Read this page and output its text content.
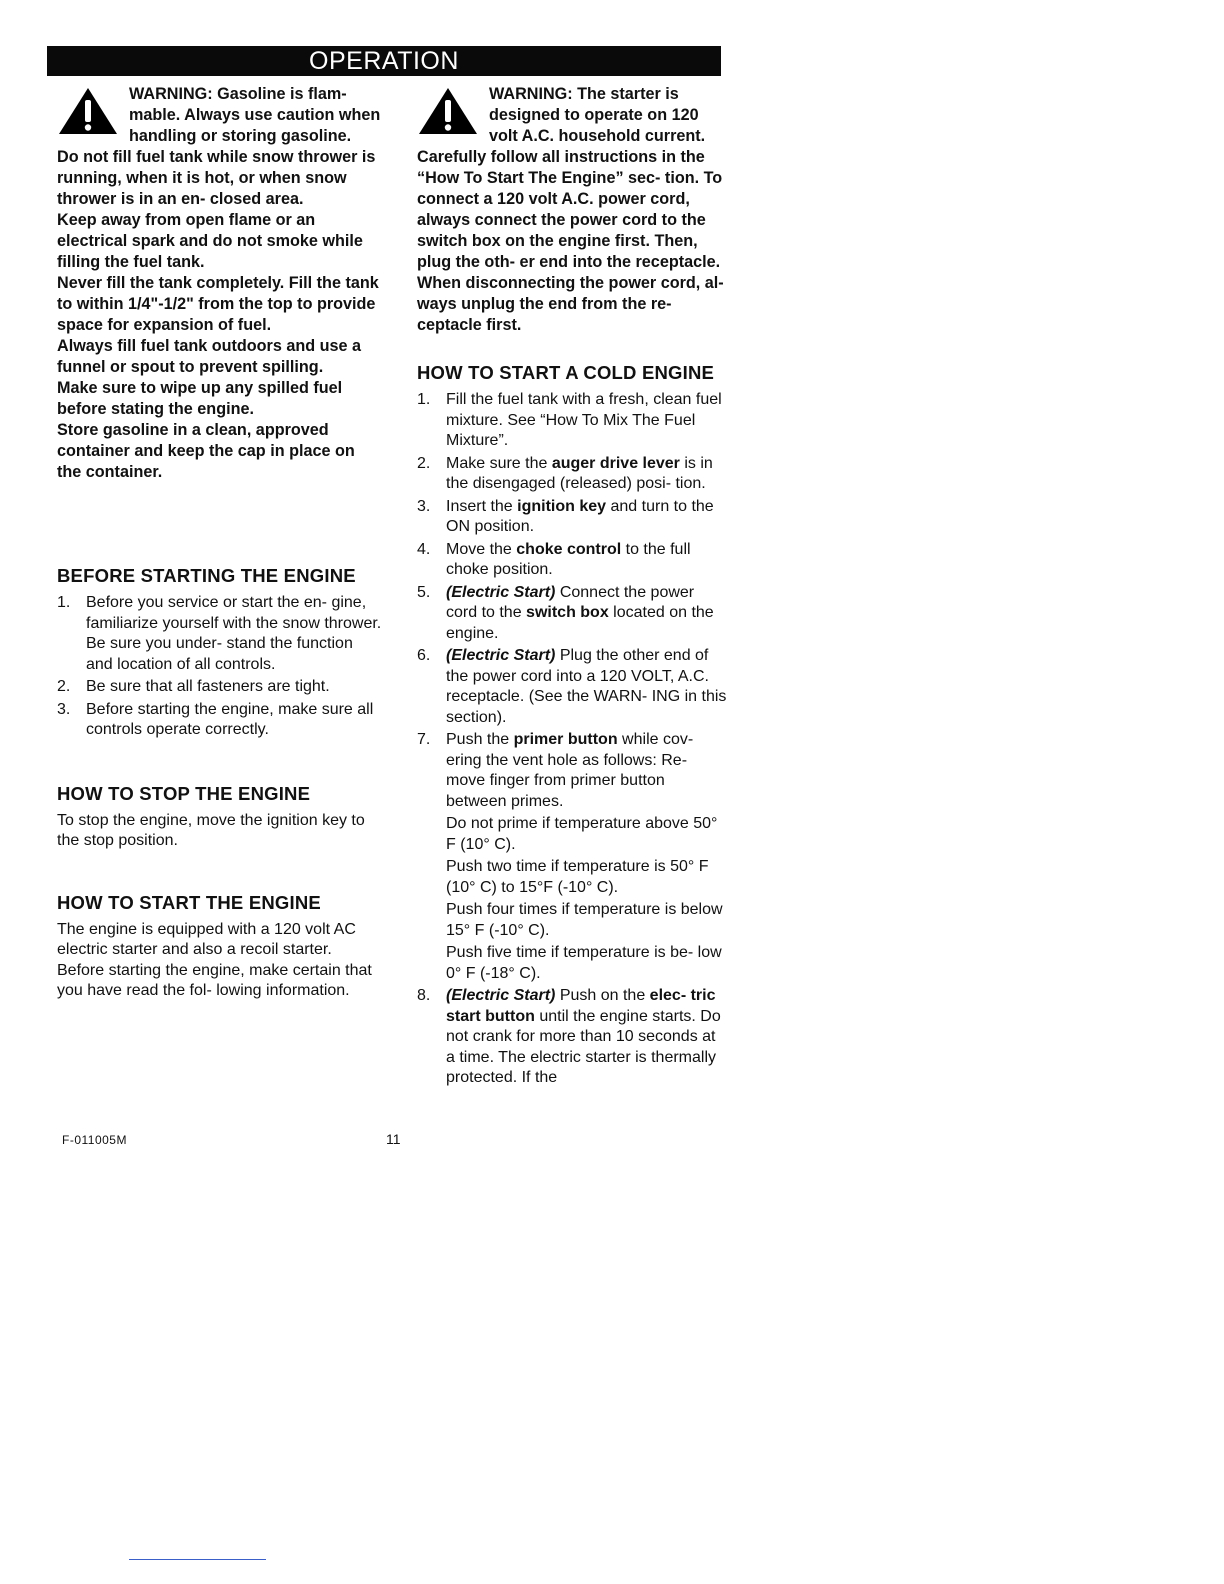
OPERATION

WARNING: Gasoline is flam- mable. Always use caution when handling or storing gasoline.

Do not fill fuel tank while snow thrower is running, when it is hot, or when snow thrower is in an en- closed area.

Keep away from open flame or an electrical spark and do not smoke while filling the fuel tank.

Never fill the tank completely. Fill the tank to within 1/4"-1/2" from the top to provide space for expansion of fuel.

Always fill fuel tank outdoors and use a funnel or spout to prevent spilling.

Make sure to wipe up any spilled fuel before stating the engine.

Store gasoline in a clean, approved container and keep the cap in place on the container.

BEFORE STARTING THE ENGINE
1. Before you service or start the en- gine, familiarize yourself with the snow thrower. Be sure you under- stand the function and location of all controls.

2. Be sure that all fasteners are tight.

3. Before starting the engine, make sure all controls operate correctly.

HOW TO STOP THE ENGINE

To stop the engine, move the ignition key to the stop position.

HOW TO START THE ENGINE

The engine is equipped with a 120 volt AC electric starter and also a recoil starter. Before starting the engine, make certain that you have read the fol- lowing information.

WARNING: The starter is designed to operate on 120 volt A.C. household current. Carefully follow all instructions in the “How To Start The Engine” sec- tion. To connect a 120 volt A.C. power cord, always connect the power cord to the switch box on the engine first. Then, plug the oth- er end into the receptacle. When disconnecting the power cord, al- ways unplug the end from the re- ceptacle first.

HOW TO START A COLD ENGINE
1. Fill the fuel tank with a fresh, clean fuel mixture. See “How To Mix The Fuel Mixture”.

2. Make sure the auger drive lever is in the disengaged (released) posi- tion.

3. Insert the ignition key and turn to the ON position.

4. Move the choke control to the full choke position.

5. (Electric Start) Connect the power cord to the switch box located on the engine.

6. (Electric Start) Plug the other end of the power cord into a 120 VOLT, A.C. receptacle. (See the WARN- ING in this section).

7. Push the primer button while cov- ering the vent hole as follows: Re- move finger from primer button between primes.

Do not prime if temperature above 50° F (10° C).

Push two time if temperature is 50° F (10° C) to 15°F (-10° C).

Push four times if temperature is below 15° F (-10° C).

Push five time if temperature is be- low 0° F (-18° C).

8. (Electric Start) Push on the elec- tric start button until the engine starts. Do not crank for more than 10 seconds at a time. The electric starter is thermally protected. If the

F-011005M	11
